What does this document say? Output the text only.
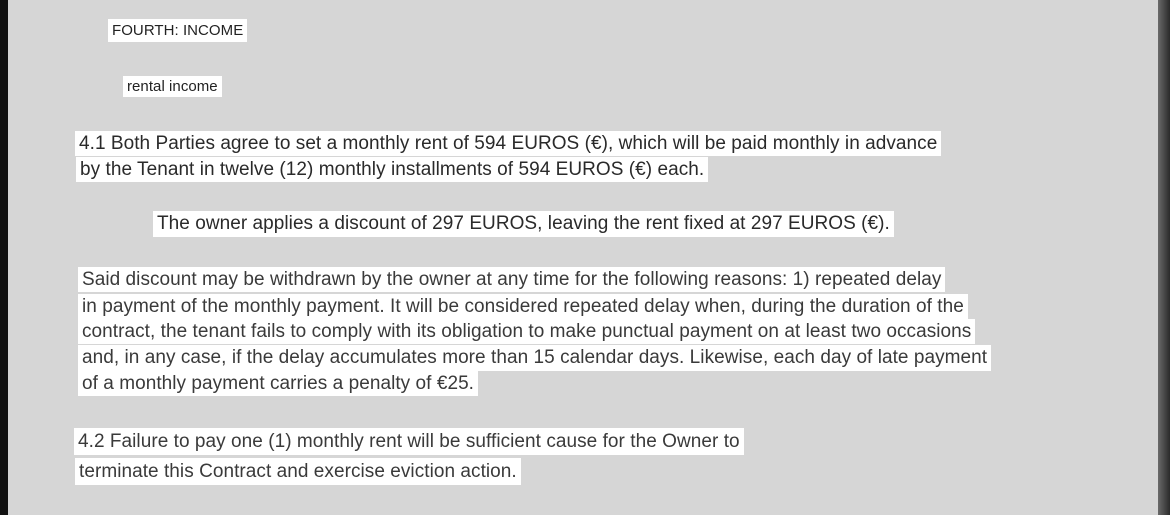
FOURTH: INCOME
rental income
4.1 Both Parties agree to set a monthly rent of 594 EUROS (€), which will be paid monthly in advance
by the Tenant in twelve (12) monthly installments of 594 EUROS (€) each.
The owner applies a discount of 297 EUROS, leaving the rent fixed at 297 EUROS (€).
Said discount may be withdrawn by the owner at any time for the following reasons: 1) repeated delay
in payment of the monthly payment. It will be considered repeated delay when, during the duration of the
contract, the tenant fails to comply with its obligation to make punctual payment on at least two occasions
and, in any case, if the delay accumulates more than 15 calendar days. Likewise, each day of late payment
of a monthly payment carries a penalty of €25.
4.2 Failure to pay one (1) monthly rent will be sufficient cause for the Owner to
terminate this Contract and exercise eviction action.
